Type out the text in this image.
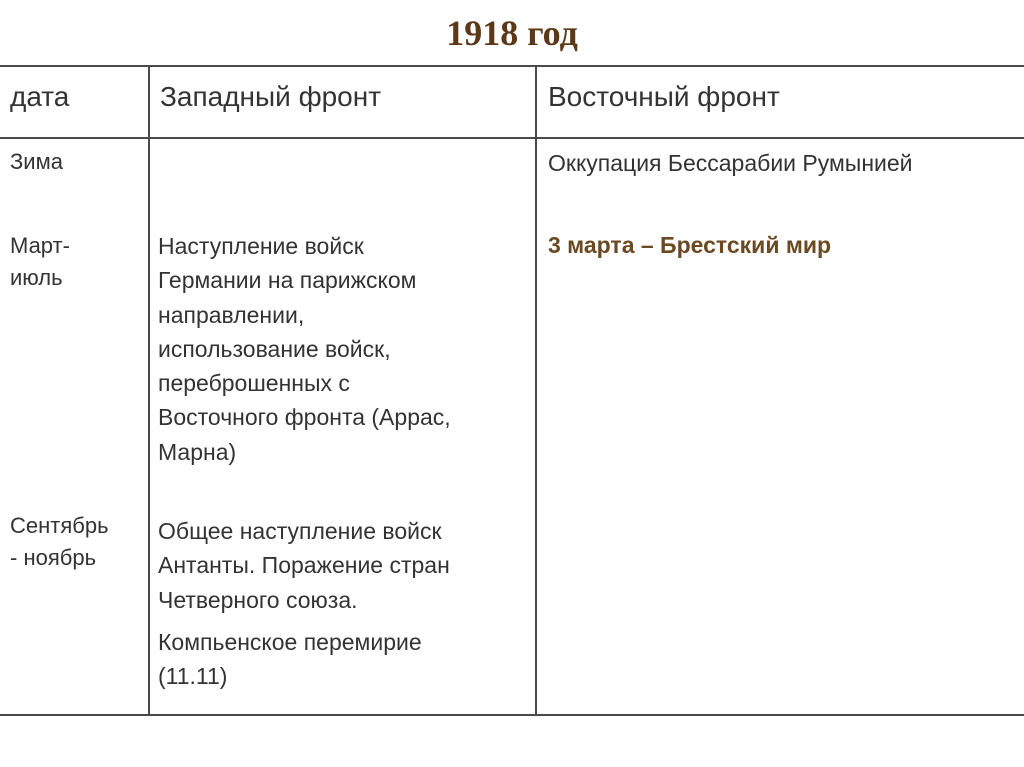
1918 год
дата	Западный фронт	Восточный фронт
Зима
Март-
июль
Сентябрь
- ноябрь
Наступление войск
Германии на парижском
направлении,
использование войск,
переброшенных с
Восточного фронта (Аррас,
Марна)
Общее наступление войск
Антанты. Поражение стран
Четверного союза.
Компьенское перемирие
(11.11)
Оккупация Бессарабии Румынией
3 марта – Брестский мир
